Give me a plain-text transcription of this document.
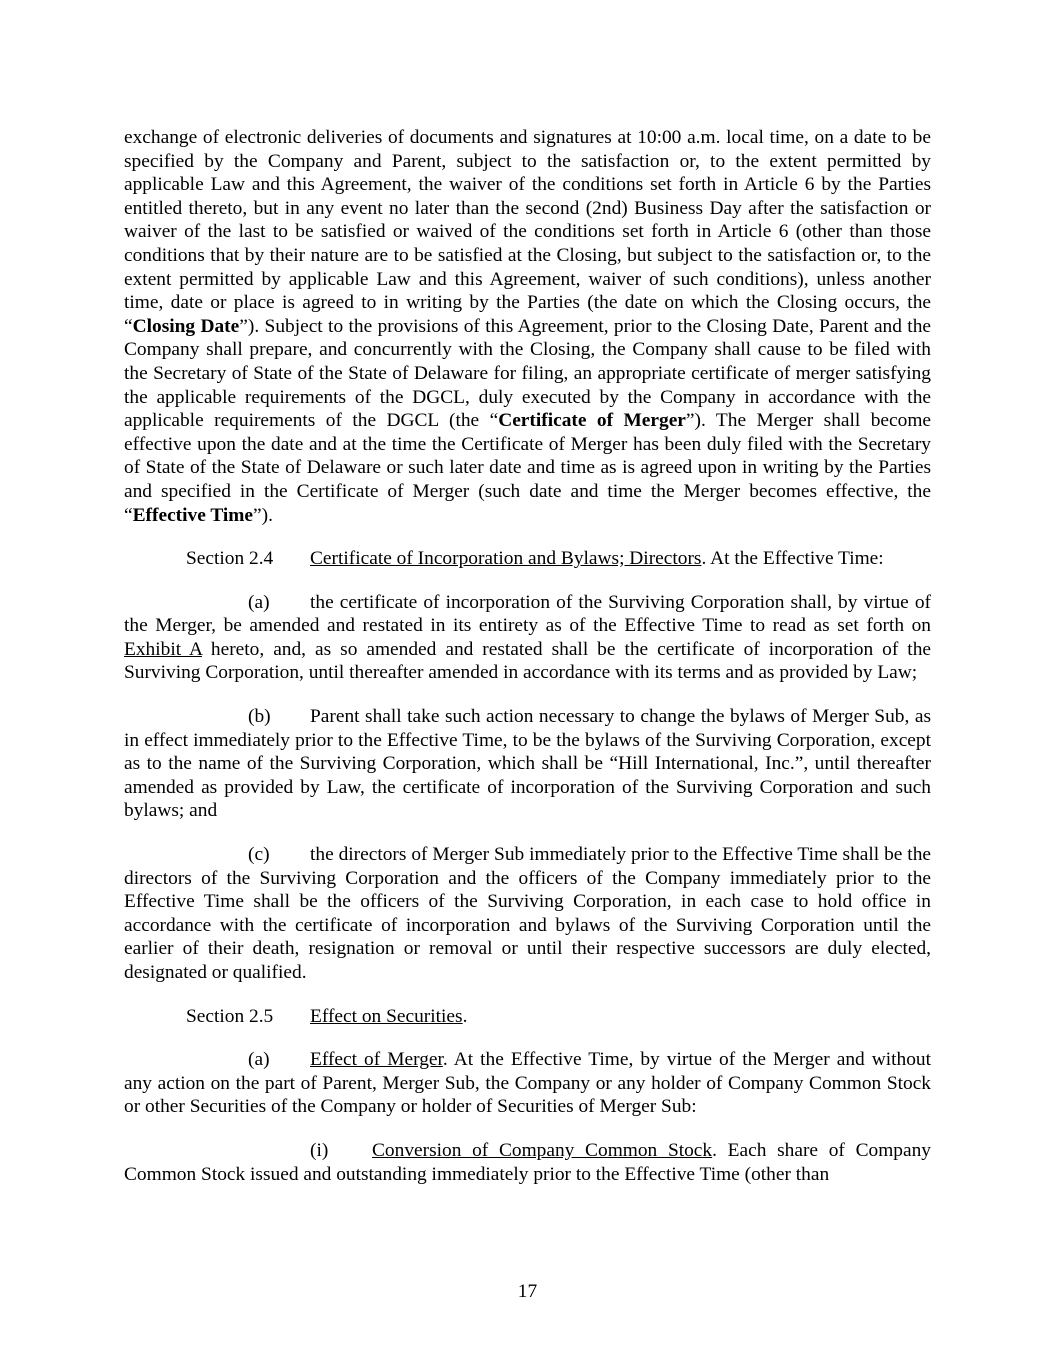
exchange of electronic deliveries of documents and signatures at 10:00 a.m. local time, on a date to be specified by the Company and Parent, subject to the satisfaction or, to the extent permitted by applicable Law and this Agreement, the waiver of the conditions set forth in Article 6 by the Parties entitled thereto, but in any event no later than the second (2nd) Business Day after the satisfaction or waiver of the last to be satisfied or waived of the conditions set forth in Article 6 (other than those conditions that by their nature are to be satisfied at the Closing, but subject to the satisfaction or, to the extent permitted by applicable Law and this Agreement, waiver of such conditions), unless another time, date or place is agreed to in writing by the Parties (the date on which the Closing occurs, the “Closing Date”). Subject to the provisions of this Agreement, prior to the Closing Date, Parent and the Company shall prepare, and concurrently with the Closing, the Company shall cause to be filed with the Secretary of State of the State of Delaware for filing, an appropriate certificate of merger satisfying the applicable requirements of the DGCL, duly executed by the Company in accordance with the applicable requirements of the DGCL (the “Certificate of Merger”). The Merger shall become effective upon the date and at the time the Certificate of Merger has been duly filed with the Secretary of State of the State of Delaware or such later date and time as is agreed upon in writing by the Parties and specified in the Certificate of Merger (such date and time the Merger becomes effective, the “Effective Time”).

Section 2.4 Certificate of Incorporation and Bylaws; Directors. At the Effective Time:

(a) the certificate of incorporation of the Surviving Corporation shall, by virtue of the Merger, be amended and restated in its entirety as of the Effective Time to read as set forth on Exhibit A hereto, and, as so amended and restated shall be the certificate of incorporation of the Surviving Corporation, until thereafter amended in accordance with its terms and as provided by Law;

(b) Parent shall take such action necessary to change the bylaws of Merger Sub, as in effect immediately prior to the Effective Time, to be the bylaws of the Surviving Corporation, except as to the name of the Surviving Corporation, which shall be “Hill International, Inc.”, until thereafter amended as provided by Law, the certificate of incorporation of the Surviving Corporation and such bylaws; and

(c) the directors of Merger Sub immediately prior to the Effective Time shall be the directors of the Surviving Corporation and the officers of the Company immediately prior to the Effective Time shall be the officers of the Surviving Corporation, in each case to hold office in accordance with the certificate of incorporation and bylaws of the Surviving Corporation until the earlier of their death, resignation or removal or until their respective successors are duly elected, designated or qualified.

Section 2.5 Effect on Securities.

(a) Effect of Merger. At the Effective Time, by virtue of the Merger and without any action on the part of Parent, Merger Sub, the Company or any holder of Company Common Stock or other Securities of the Company or holder of Securities of Merger Sub:

(i) Conversion of Company Common Stock. Each share of Company Common Stock issued and outstanding immediately prior to the Effective Time (other than

17
